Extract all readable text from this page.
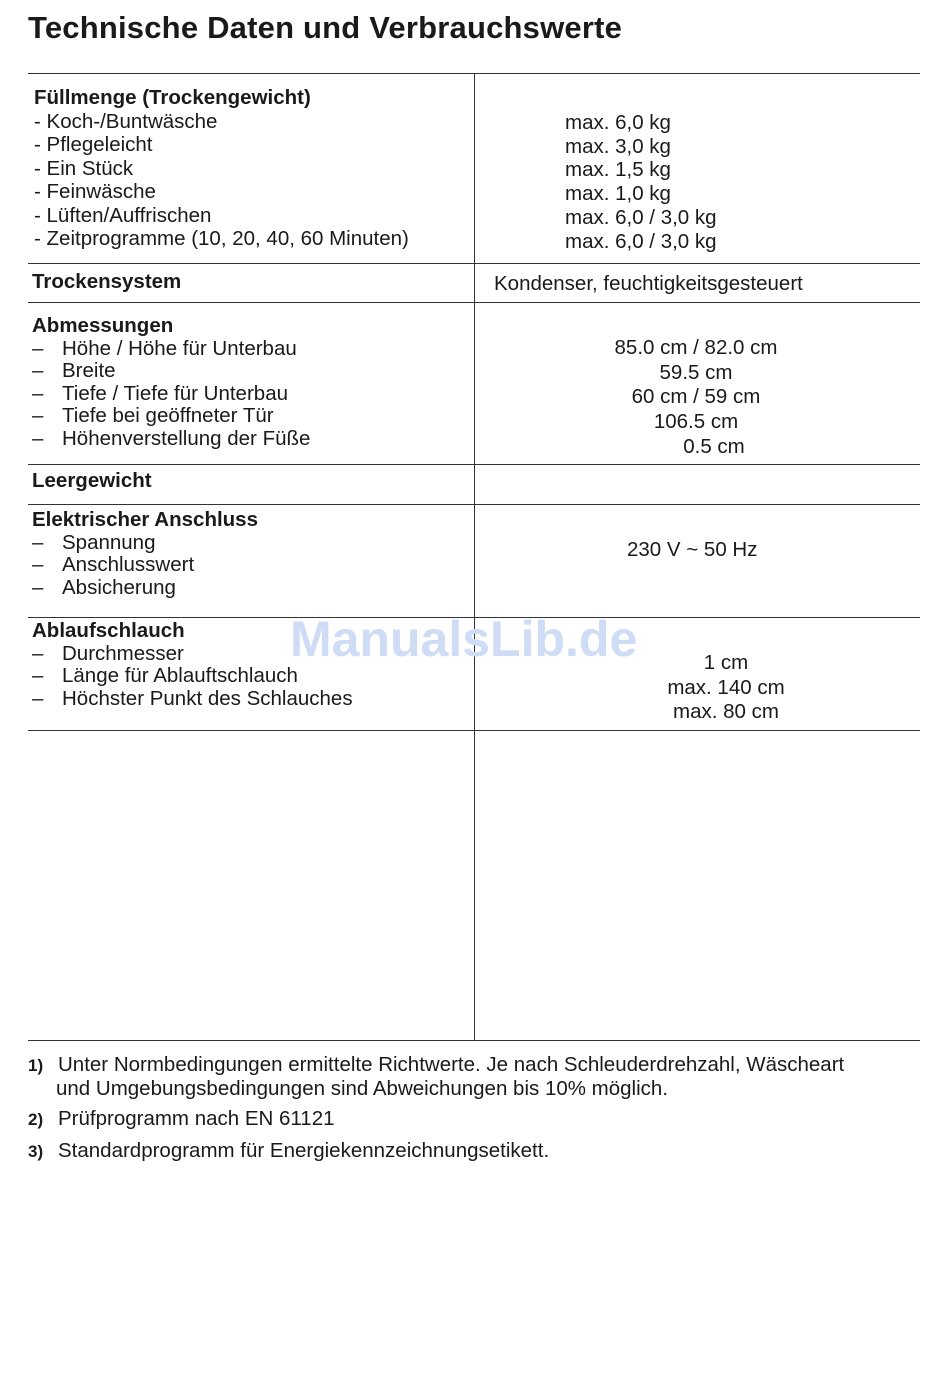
Technische Daten und Verbrauchswerte
Füllmenge (Trockengewicht)
- Koch-/Buntwäsche
- Pflegeleicht
- Ein Stück
- Feinwäsche
- Lüften/Auffrischen
- Zeitprogramme (10, 20, 40, 60 Minuten)
max. 6,0 kg
max. 3,0 kg
max. 1,5 kg
max. 1,0 kg
max. 6,0 / 3,0 kg
max. 6,0 / 3,0 kg
Trockensystem	Kondenser, feuchtigkeitsgesteuert
Abmessungen
– Höhe / Höhe für Unterbau
– Breite
– Tiefe / Tiefe für Unterbau
– Tiefe bei geöffneter Tür
– Höhenverstellung der Füße
85.0 cm / 82.0 cm
59.5 cm
60 cm / 59 cm
106.5 cm
0.5 cm
Leergewicht
Elektrischer Anschluss
– Spannung
– Anschlusswert
– Absicherung
230 V ~ 50 Hz
Ablaufschlauch
– Durchmesser
– Länge für Ablauftschlauch
– Höchster Punkt des Schlauches
1 cm
max. 140 cm
max. 80 cm
ManualsLib.de
1) Unter Normbedingungen ermittelte Richtwerte. Je nach Schleuderdrehzahl, Wäscheart
und Umgebungsbedingungen sind Abweichungen bis 10% möglich.
2) Prüfprogramm nach EN 61121
3) Standardprogramm für Energiekennzeichnungsetikett.
